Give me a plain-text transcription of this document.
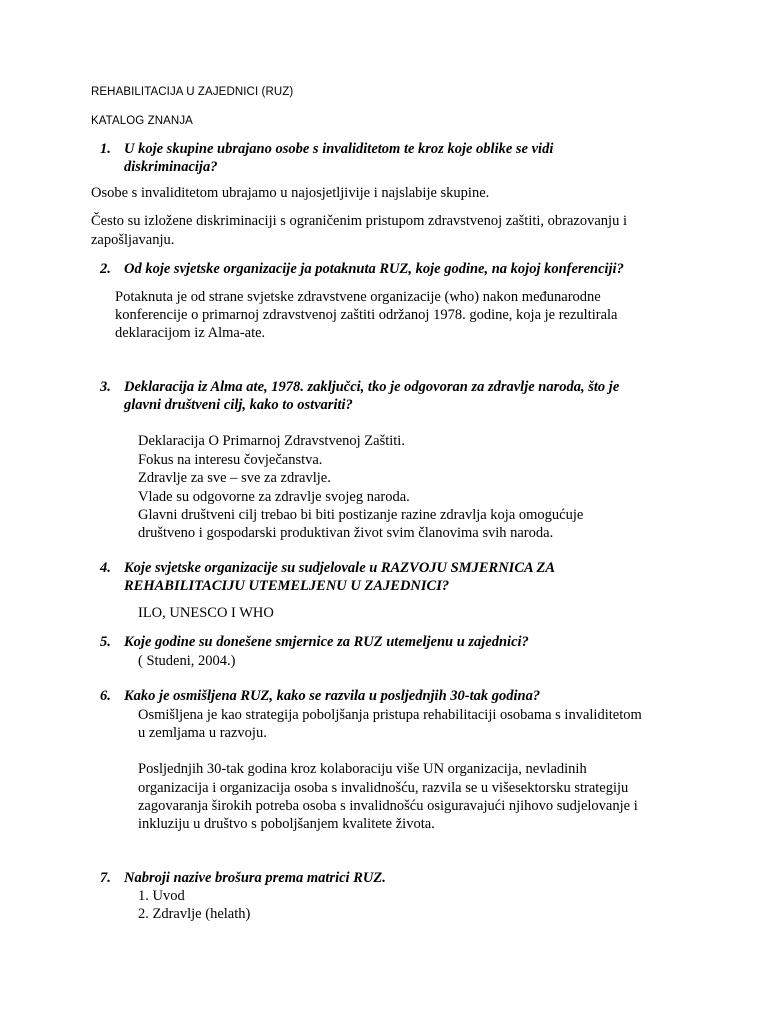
REHABILITACIJA U ZAJEDNICI (RUZ)
KATALOG ZNANJA
1. U koje skupine ubrajano osobe s invaliditetom te kroz koje oblike se vidi
diskriminacija?
Osobe s invaliditetom ubrajamo u najosjetljivije i najslabije skupine.
Često su izložene diskriminaciji s ograničenim pristupom zdravstvenoj zaštiti, obrazovanju i
zapošljavanju.
2. Od koje svjetske organizacije ja potaknuta RUZ, koje godine, na kojoj konferenciji?
Potaknuta je od strane svjetske zdravstvene organizacije (who) nakon međunarodne
konferencije o primarnoj zdravstvenoj zaštiti održanoj 1978. godine, koja je rezultirala
deklaracijom iz Alma-ate.
3. Deklaracija iz Alma ate, 1978. zaključci, tko je odgovoran za zdravlje naroda, što je
glavni društveni cilj, kako to ostvariti?
Deklaracija O Primarnoj Zdravstvenoj Zaštiti.
Fokus na interesu čovječanstva.
Zdravlje za sve – sve za zdravlje.
Vlade su odgovorne za zdravlje svojeg naroda.
Glavni društveni cilj trebao bi biti postizanje razine zdravlja koja omogućuje
društveno i gospodarski produktivan život svim članovima svih naroda.
4. Koje svjetske organizacije su sudjelovale u RAZVOJU SMJERNICA ZA
REHABILITACIJU UTEMELJENU U ZAJEDNICI?
ILO, UNESCO I WHO
5. Koje godine su donešene smjernice za RUZ utemeljenu u zajednici?
( Studeni, 2004.)
6. Kako je osmišljena RUZ, kako se razvila u posljednjih 30-tak godina?
Osmišljena je kao strategija poboljšanja pristupa rehabilitaciji osobama s invaliditetom
u zemljama u razvoju.
Posljednjih 30-tak godina kroz kolaboraciju više UN organizacija, nevladinih
organizacija i organizacija osoba s invalidnošću, razvila se u višesektorsku strategiju
zagovaranja širokih potreba osoba s invalidnošću osiguravajući njihovo sudjelovanje i
inkluziju u društvo s poboljšanjem kvalitete života.
7. Nabroji nazive brošura prema matrici RUZ.
1. Uvod
2. Zdravlje (helath)
